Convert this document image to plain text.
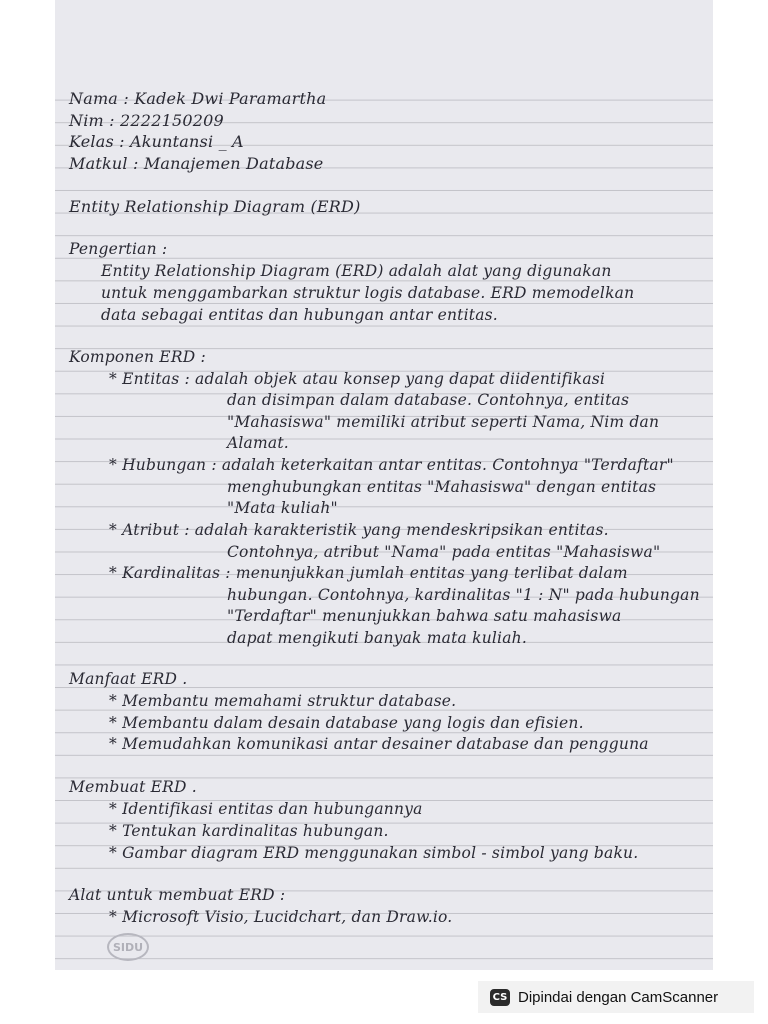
Nama : Kadek Dwi Paramartha
Nim : 2222150209
Kelas : Akuntansi _ A
Matkul : Manajemen Database
Entity Relationship Diagram (ERD)
Pengertian :
Entity Relationship Diagram (ERD) adalah alat yang digunakan
untuk menggambarkan struktur logis database. ERD memodelkan
data sebagai entitas dan hubungan antar entitas.
Komponen ERD :
* Entitas : adalah objek atau konsep yang dapat diidentifikasi
dan disimpan dalam database. Contohnya, entitas
"Mahasiswa" memiliki atribut seperti Nama, Nim dan
Alamat.
* Hubungan : adalah keterkaitan antar entitas. Contohnya "Terdaftar"
menghubungkan entitas "Mahasiswa" dengan entitas
"Mata kuliah"
* Atribut : adalah karakteristik yang mendeskripsikan entitas.
Contohnya, atribut "Nama" pada entitas "Mahasiswa"
* Kardinalitas : menunjukkan jumlah entitas yang terlibat dalam
hubungan. Contohnya, kardinalitas "1 : N" pada hubungan
"Terdaftar" menunjukkan bahwa satu mahasiswa
dapat mengikuti banyak mata kuliah.
Manfaat ERD .
* Membantu memahami struktur database.
* Membantu dalam desain database yang logis dan efisien.
* Memudahkan komunikasi antar desainer database dan pengguna
Membuat ERD .
* Identifikasi entitas dan hubungannya
* Tentukan kardinalitas hubungan.
* Gambar diagram ERD menggunakan simbol - simbol yang baku.
Alat untuk membuat ERD :
* Microsoft Visio, Lucidchart, dan Draw.io.
SIDU
CS Dipindai dengan CamScanner
